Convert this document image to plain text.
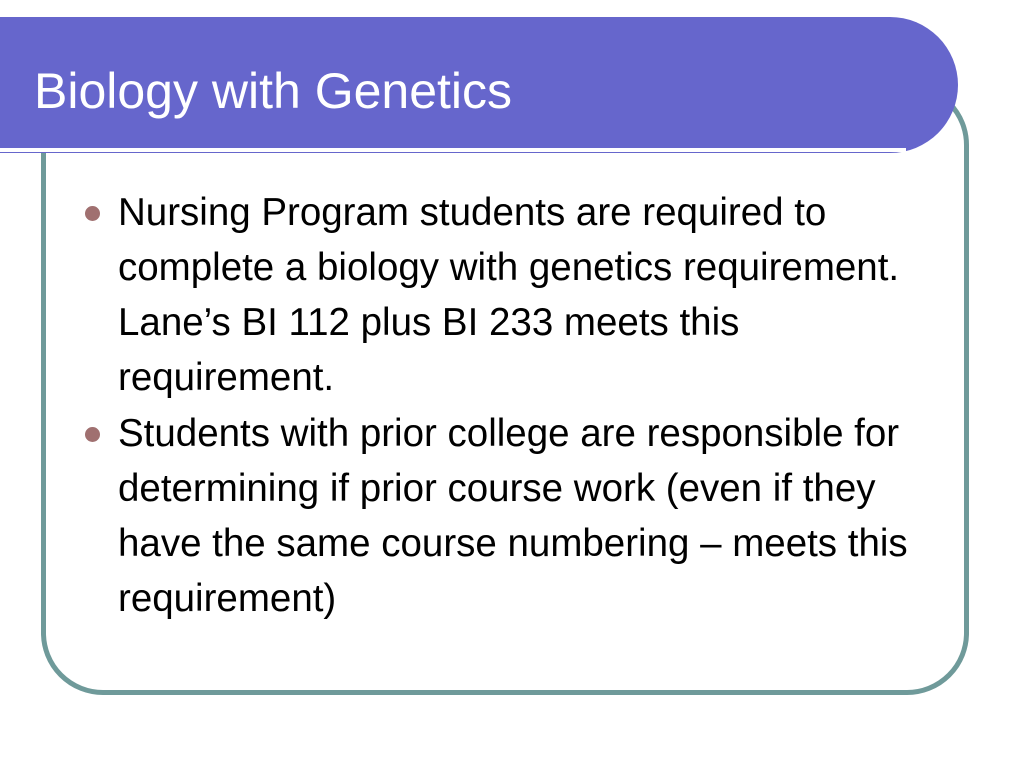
Biology with Genetics
Nursing Program students are required to complete a biology with genetics requirement. Lane’s BI 112 plus BI 233 meets this requirement.
Students with prior college are responsible for determining if prior course work (even if they have the same course numbering – meets this requirement)
